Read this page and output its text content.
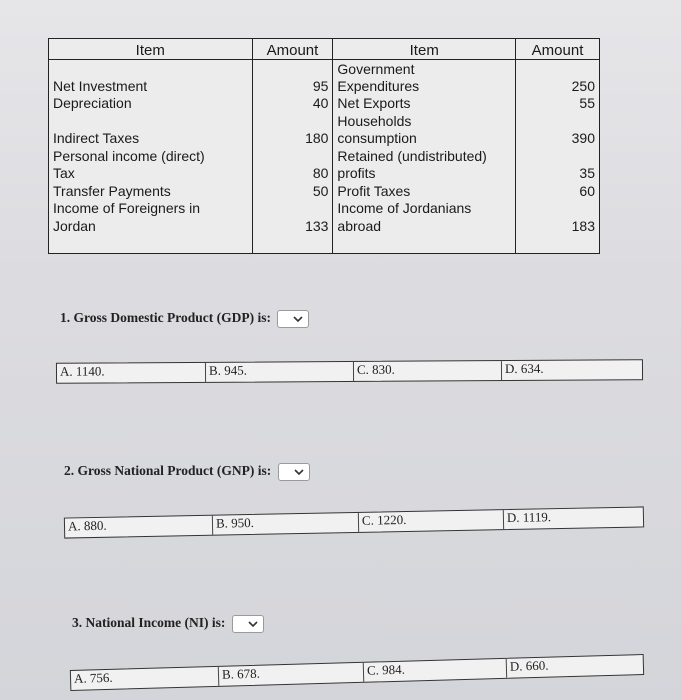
Item	Amount	Item	Amount
		Government	
Net Investment	95	Expenditures	250
Depreciation	40	Net Exports	55
		Households	
Indirect Taxes	180	consumption	390
Personal income (direct)		Retained (undistributed)	
Tax	80	profits	35
Transfer Payments	50	Profit Taxes	60
Income of Foreigners in		Income of Jordanians	
Jordan	133	abroad	183

1. Gross Domestic Product (GDP) is:
A. 1140.	B. 945.	C. 830.	D. 634.
2. Gross National Product (GNP) is:
A. 880.	B. 950.	C. 1220.	D. 1119.
3. National Income (NI) is:
A. 756.	B. 678.	C. 984.	D. 660.
